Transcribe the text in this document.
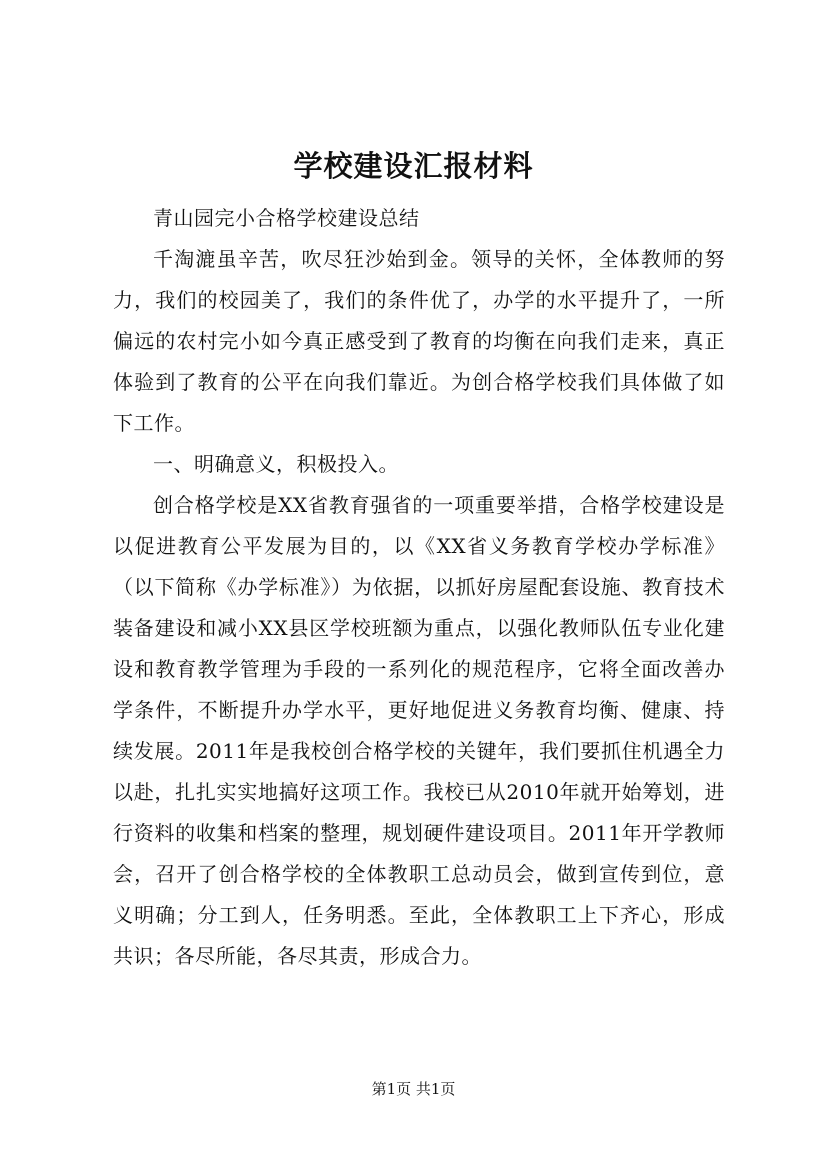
学校建设汇报材料

青山园完小合格学校建设总结

千淘漉虽辛苦，吹尽狂沙始到金。领导的关怀，全体教师的努力，我们的校园美了，我们的条件优了，办学的水平提升了，一所偏远的农村完小如今真正感受到了教育的均衡在向我们走来，真正体验到了教育的公平在向我们靠近。为创合格学校我们具体做了如下工作。

一、明确意义，积极投入。

创合格学校是XX省教育强省的一项重要举措，合格学校建设是以促进教育公平发展为目的，以《XX省义务教育学校办学标准》（以下简称《办学标准》）为依据，以抓好房屋配套设施、教育技术装备建设和减小XX县区学校班额为重点，以强化教师队伍专业化建设和教育教学管理为手段的一系列化的规范程序，它将全面改善办学条件，不断提升办学水平，更好地促进义务教育均衡、健康、持续发展。2011年是我校创合格学校的关键年，我们要抓住机遇全力以赴，扎扎实实地搞好这项工作。我校已从2010年就开始筹划，进行资料的收集和档案的整理，规划硬件建设项目。2011年开学教师会，召开了创合格学校的全体教职工总动员会，做到宣传到位，意义明确；分工到人，任务明悉。至此，全体教职工上下齐心，形成共识；各尽所能，各尽其责，形成合力。

第1页 共1页
